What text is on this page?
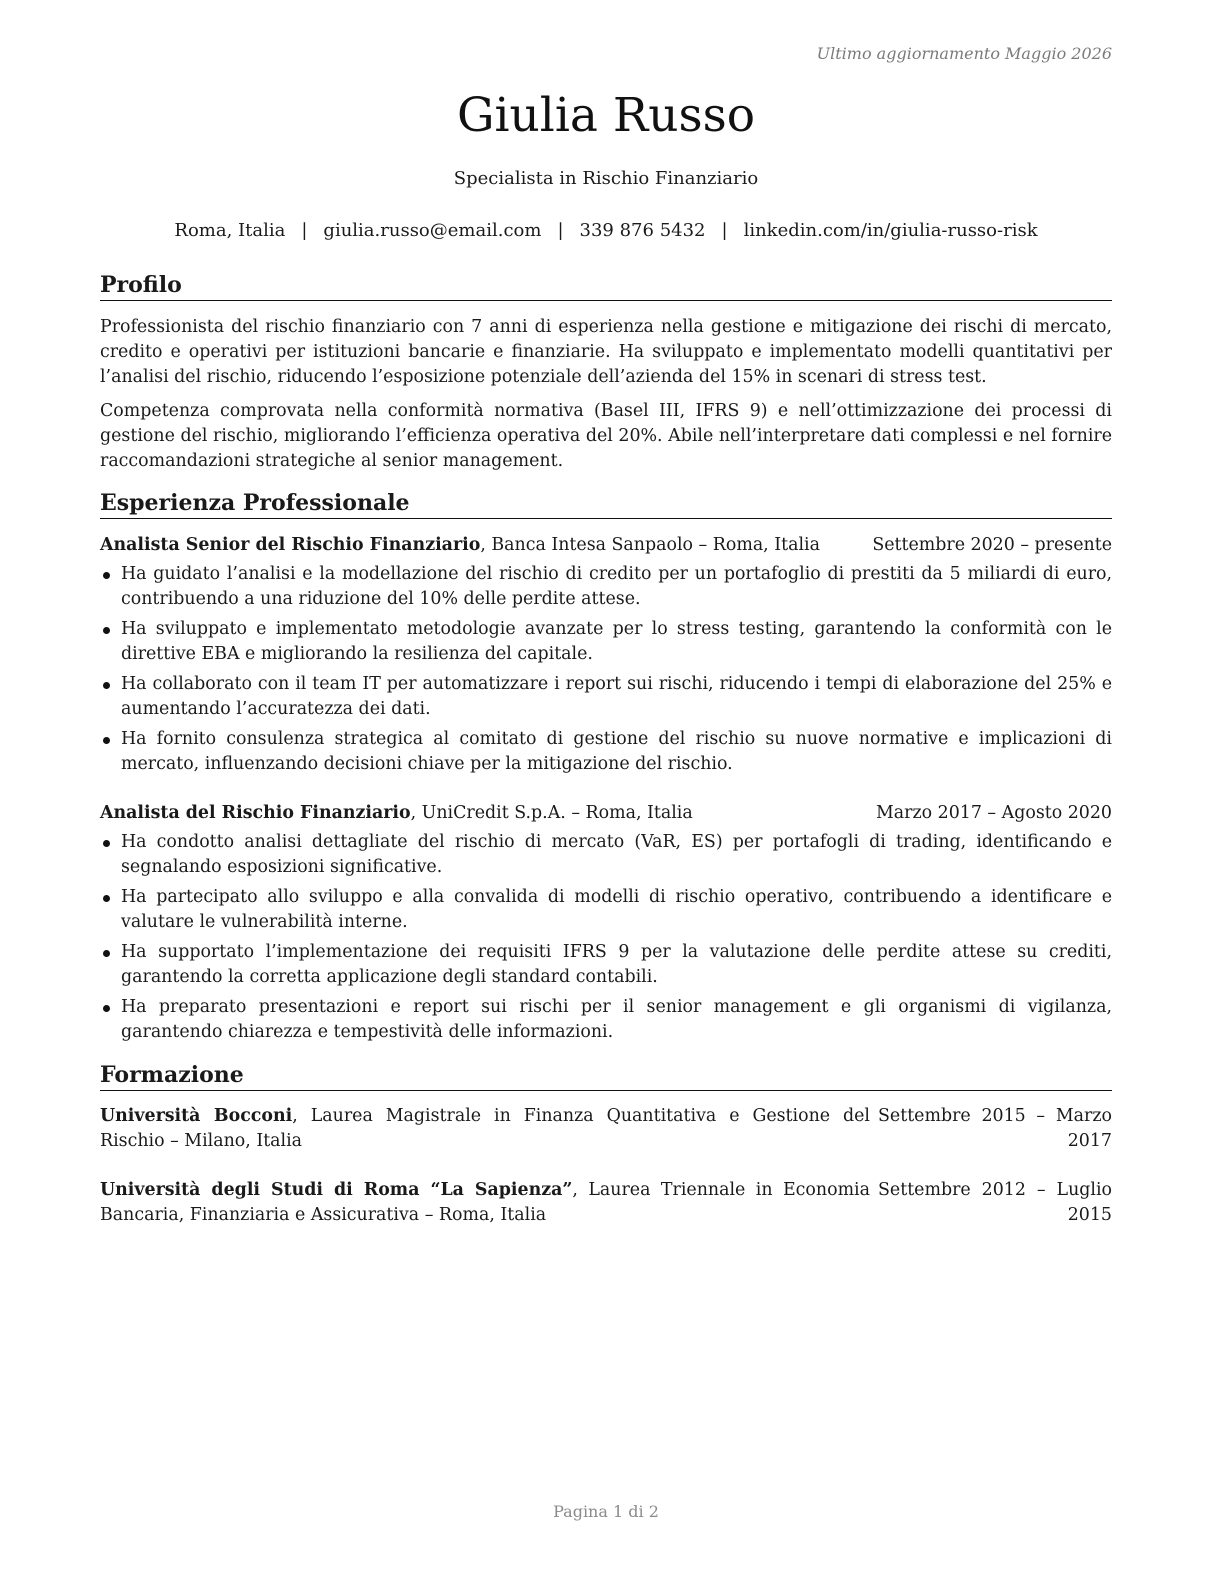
Ultimo aggiornamento Maggio 2026
Giulia Russo
Specialista in Rischio Finanziario
Roma, Italia | giulia.russo@email.com | 339 876 5432 | linkedin.com/in/giulia-russo-risk
Profilo

Professionista del rischio finanziario con 7 anni di esperienza nella gestione e mitigazione dei rischi di mercato, credito e operativi per istituzioni bancarie e finanziarie. Ha sviluppato e implementato modelli quantitativi per l’analisi del rischio, riducendo l’esposizione potenziale dell’azienda del 15% in scenari di stress test.

Competenza comprovata nella conformità normativa (Basel III, IFRS 9) e nell’ottimizzazione dei processi di gestione del rischio, migliorando l’efficienza operativa del 20%. Abile nell’interpretare dati complessi e nel fornire raccomandazioni strategiche al senior management.

Esperienza Professionale
Analista Senior del Rischio Finanziario, Banca Intesa Sanpaolo – Roma, Italia	Settembre 2020 – presente
Ha guidato l’analisi e la modellazione del rischio di credito per un portafoglio di prestiti da 5 miliardi di euro, contribuendo a una riduzione del 10% delle perdite attese.
Ha sviluppato e implementato metodologie avanzate per lo stress testing, garantendo la conformità con le direttive EBA e migliorando la resilienza del capitale.
Ha collaborato con il team IT per automatizzare i report sui rischi, riducendo i tempi di elaborazione del 25% e aumentando l’accuratezza dei dati.
Ha fornito consulenza strategica al comitato di gestione del rischio su nuove normative e implicazioni di mercato, influenzando decisioni chiave per la mitigazione del rischio.
Analista del Rischio Finanziario, UniCredit S.p.A. – Roma, Italia	Marzo 2017 – Agosto 2020
Ha condotto analisi dettagliate del rischio di mercato (VaR, ES) per portafogli di trading, identificando e segnalando esposizioni significative.
Ha partecipato allo sviluppo e alla convalida di modelli di rischio operativo, contribuendo a identificare e valutare le vulnerabilità interne.
Ha supportato l’implementazione dei requisiti IFRS 9 per la valutazione delle perdite attese su crediti, garantendo la corretta applicazione degli standard contabili.
Ha preparato presentazioni e report sui rischi per il senior management e gli organismi di vigilanza, garantendo chiarezza e tempestività delle informazioni.
Formazione
Università Bocconi, Laurea Magistrale in Finanza Quantitativa e Gestione del Rischio – Milano, Italia
Settembre 2015 – Marzo 2017
Università degli Studi di Roma “La Sapienza”, Laurea Triennale in Economia Bancaria, Finanziaria e Assicurativa – Roma, Italia
Settembre 2012 – Luglio 2015
Pagina 1 di 2
